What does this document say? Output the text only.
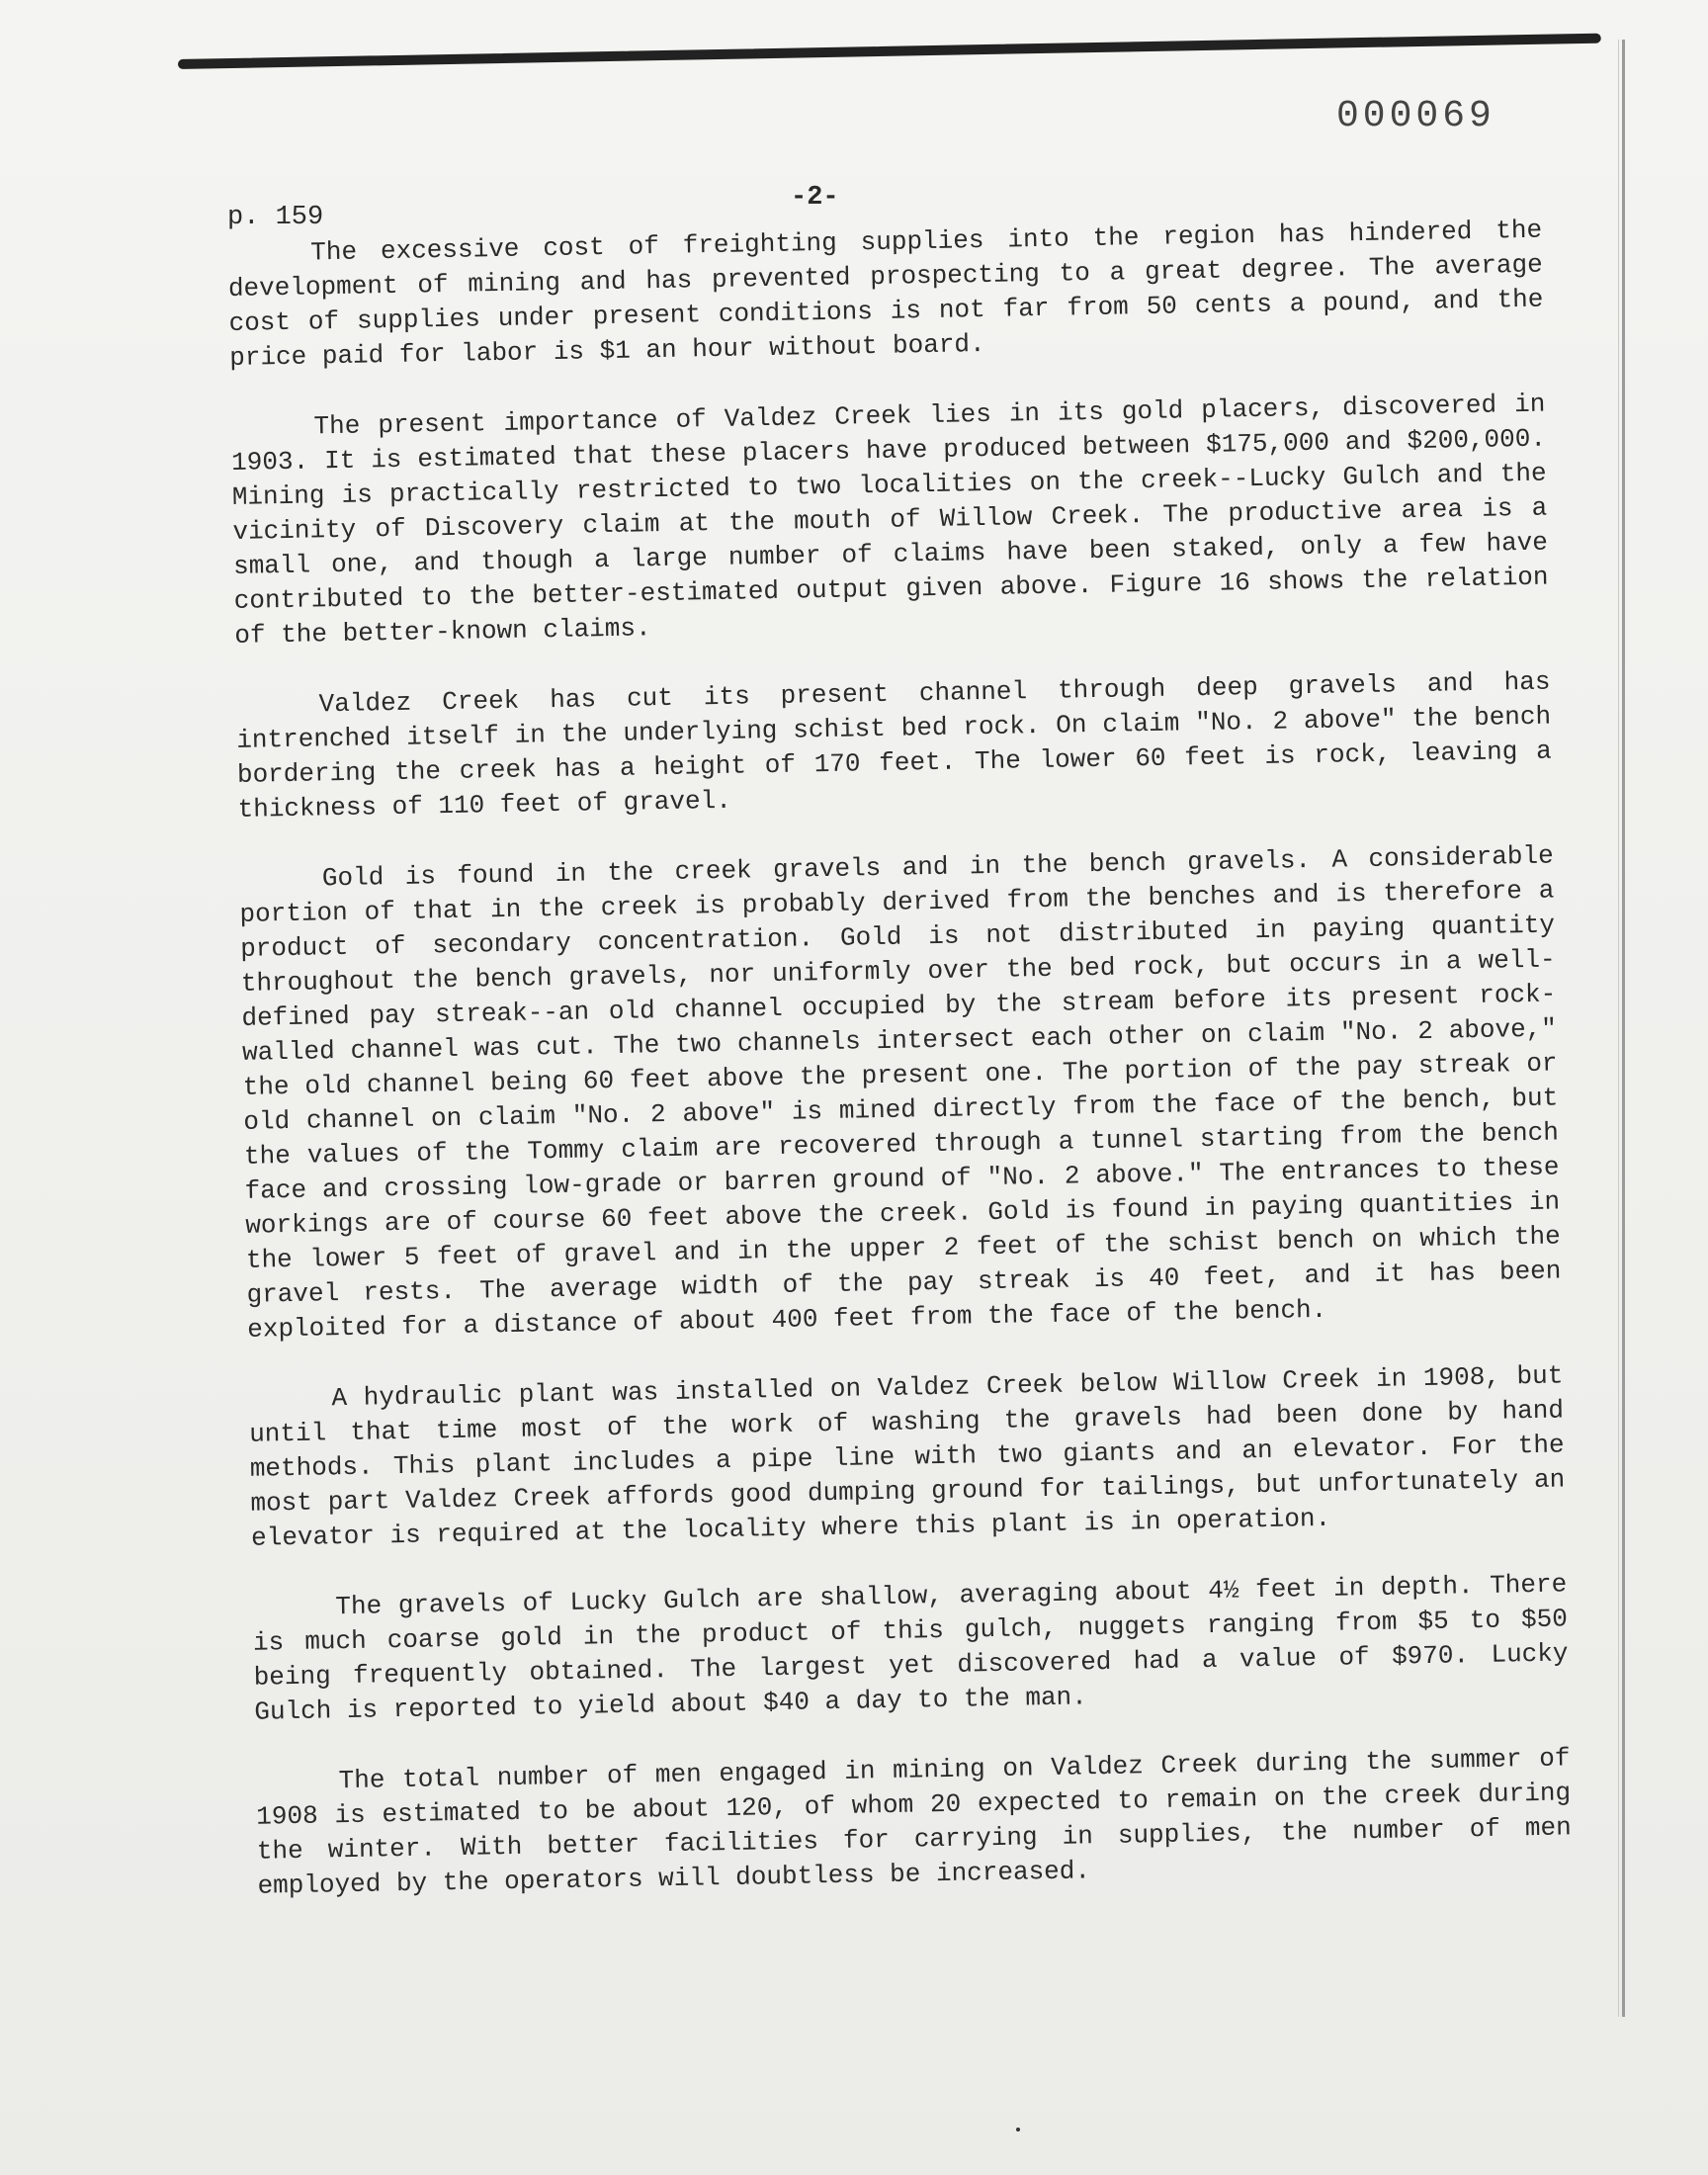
000069
p. 159
-2-

The excessive cost of freighting supplies into the region has hindered the development of mining and has prevented prospecting to a great degree. The average cost of supplies under present conditions is not far from 50 cents a pound, and the price paid for labor is $1 an hour without board.

The present importance of Valdez Creek lies in its gold placers, discovered in 1903. It is estimated that these placers have produced between $175,000 and $200,000. Mining is practically restricted to two localities on the creek--Lucky Gulch and the vicinity of Discovery claim at the mouth of Willow Creek. The productive area is a small one, and though a large number of claims have been staked, only a few have contributed to the better-estimated output given above. Figure 16 shows the relation of the better-known claims.

Valdez Creek has cut its present channel through deep gravels and has intrenched itself in the underlying schist bed rock. On claim "No. 2 above" the bench bordering the creek has a height of 170 feet. The lower 60 feet is rock, leaving a thickness of 110 feet of gravel.

Gold is found in the creek gravels and in the bench gravels. A considerable portion of that in the creek is probably derived from the benches and is therefore a product of secondary concentration. Gold is not distributed in paying quantity throughout the bench gravels, nor uniformly over the bed rock, but occurs in a well-defined pay streak--an old channel occupied by the stream before its present rock-walled channel was cut. The two channels intersect each other on claim "No. 2 above," the old channel being 60 feet above the present one. The portion of the pay streak or old channel on claim "No. 2 above" is mined directly from the face of the bench, but the values of the Tommy claim are recovered through a tunnel starting from the bench face and crossing low-grade or barren ground of "No. 2 above." The entrances to these workings are of course 60 feet above the creek. Gold is found in paying quantities in the lower 5 feet of gravel and in the upper 2 feet of the schist bench on which the gravel rests. The average width of the pay streak is 40 feet, and it has been exploited for a distance of about 400 feet from the face of the bench.

A hydraulic plant was installed on Valdez Creek below Willow Creek in 1908, but until that time most of the work of washing the gravels had been done by hand methods. This plant includes a pipe line with two giants and an elevator. For the most part Valdez Creek affords good dumping ground for tailings, but unfortunately an elevator is required at the locality where this plant is in operation.

The gravels of Lucky Gulch are shallow, averaging about 4½ feet in depth. There is much coarse gold in the product of this gulch, nuggets ranging from $5 to $50 being frequently obtained. The largest yet discovered had a value of $970. Lucky Gulch is reported to yield about $40 a day to the man.

The total number of men engaged in mining on Valdez Creek during the summer of 1908 is estimated to be about 120, of whom 20 expected to remain on the creek during the winter. With better facilities for carrying in supplies, the number of men employed by the operators will doubtless be increased.
